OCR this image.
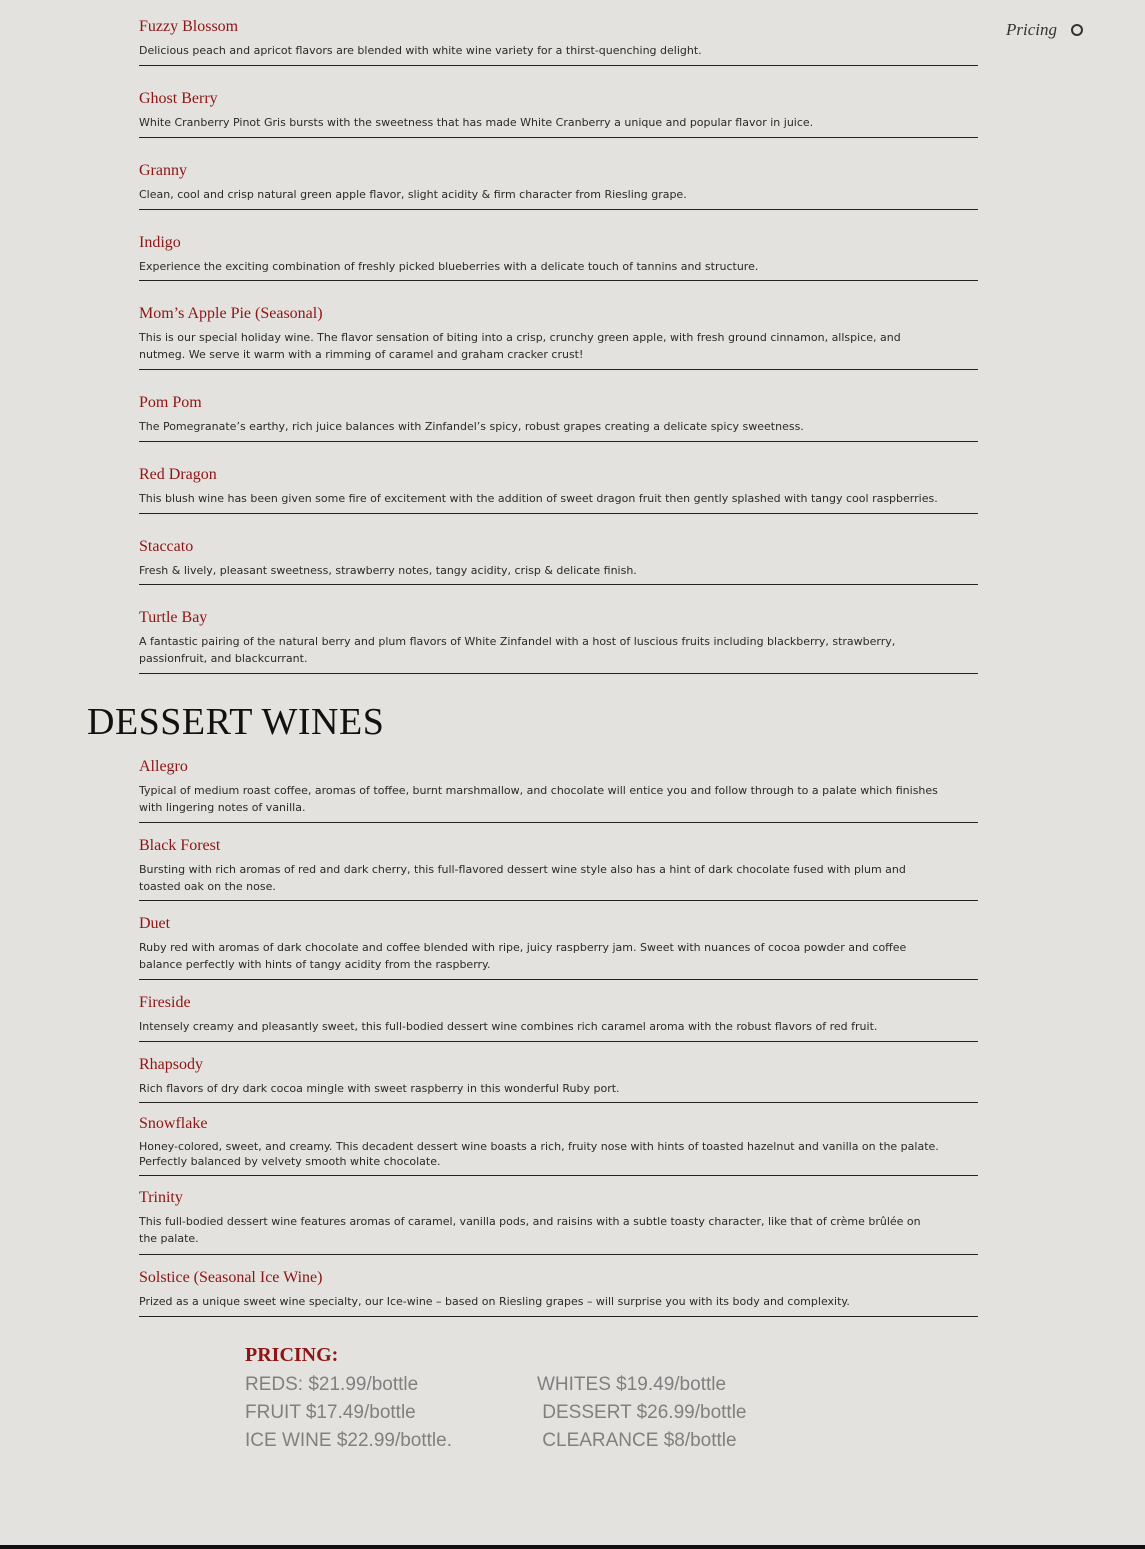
Pricing
Fuzzy Blossom
Delicious peach and apricot flavors are blended with white wine variety for a thirst-quenching delight.
Ghost Berry
White Cranberry Pinot Gris bursts with the sweetness that has made White Cranberry a unique and popular flavor in juice.
Granny
Clean, cool and crisp natural green apple flavor, slight acidity & firm character from Riesling grape.
Indigo
Experience the exciting combination of freshly picked blueberries with a delicate touch of tannins and structure.
Mom’s Apple Pie (Seasonal)
This is our special holiday wine. The flavor sensation of biting into a crisp, crunchy green apple, with fresh ground cinnamon, allspice, and nutmeg. We serve it warm with a rimming of caramel and graham cracker crust!
Pom Pom
The Pomegranate’s earthy, rich juice balances with Zinfandel’s spicy, robust grapes creating a delicate spicy sweetness.
Red Dragon
This blush wine has been given some fire of excitement with the addition of sweet dragon fruit then gently splashed with tangy cool raspberries.
Staccato
Fresh & lively, pleasant sweetness, strawberry notes, tangy acidity, crisp & delicate finish.
Turtle Bay
A fantastic pairing of the natural berry and plum flavors of White Zinfandel with a host of luscious fruits including blackberry, strawberry, passionfruit, and blackcurrant.
DESSERT WINES
Allegro
Typical of medium roast coffee, aromas of toffee, burnt marshmallow, and chocolate will entice you and follow through to a palate which finishes with lingering notes of vanilla.
Black Forest
Bursting with rich aromas of red and dark cherry, this full-flavored dessert wine style also has a hint of dark chocolate fused with plum and toasted oak on the nose.
Duet
Ruby red with aromas of dark chocolate and coffee blended with ripe, juicy raspberry jam. Sweet with nuances of cocoa powder and coffee balance perfectly with hints of tangy acidity from the raspberry.
Fireside
Intensely creamy and pleasantly sweet, this full-bodied dessert wine combines rich caramel aroma with the robust flavors of red fruit.
Rhapsody
Rich flavors of dry dark cocoa mingle with sweet raspberry in this wonderful Ruby port.
Snowflake
Honey-colored, sweet, and creamy. This decadent dessert wine boasts a rich, fruity nose with hints of toasted hazelnut and vanilla on the palate. Perfectly balanced by velvety smooth white chocolate.
Trinity
This full-bodied dessert wine features aromas of caramel, vanilla pods, and raisins with a subtle toasty character, like that of crème brûlée on the palate.
Solstice (Seasonal Ice Wine)
Prized as a unique sweet wine specialty, our Ice-wine – based on Riesling grapes – will surprise you with its body and complexity.
PRICING:
REDS: $21.99/bottle	WHITES $19.49/bottle
FRUIT $17.49/bottle	DESSERT $26.99/bottle
ICE WINE $22.99/bottle.	CLEARANCE $8/bottle
